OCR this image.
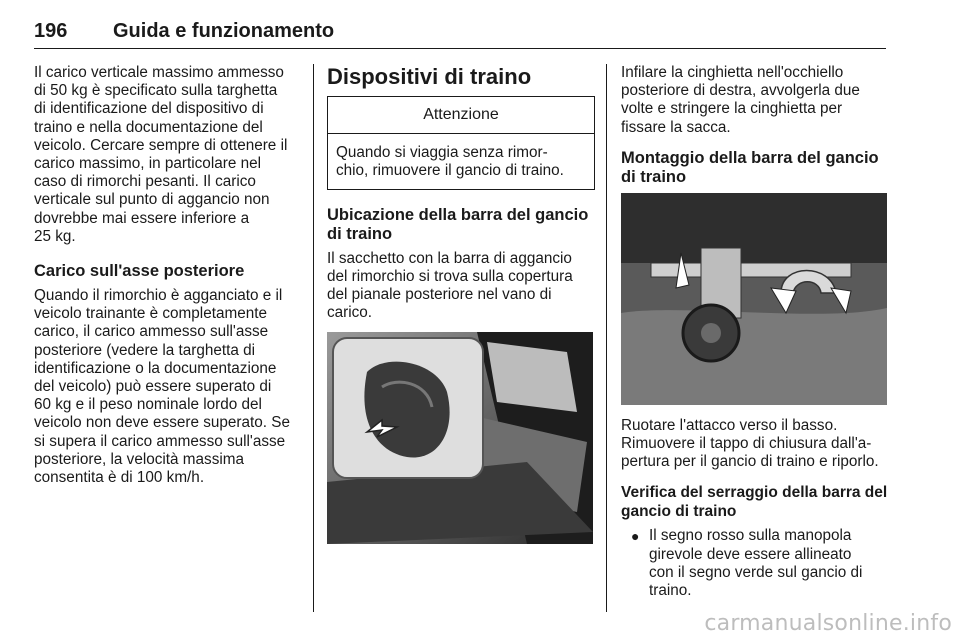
196 Guida e funzionamento

Il carico verticale massimo ammesso
di 50 kg è specificato sulla targhetta
di identificazione del dispositivo di
traino e nella documentazione del
veicolo. Cercare sempre di ottenere il
carico massimo, in particolare nel
caso di rimorchi pesanti. Il carico
verticale sul punto di aggancio non
dovrebbe mai essere inferiore a
25 kg.

Carico sull'asse posteriore

Quando il rimorchio è agganciato e il
veicolo trainante è completamente
carico, il carico ammesso sull'asse
posteriore (vedere la targhetta di
identificazione o la documentazione
del veicolo) può essere superato di
60 kg e il peso nominale lordo del
veicolo non deve essere superato. Se
si supera il carico ammesso sull'asse
posteriore, la velocità massima
consentita è di 100 km/h.

Dispositivi di traino
Attenzione
Quando si viaggia senza rimor-
chio, rimuovere il gancio di traino.

Ubicazione della barra del gancio
di traino

Il sacchetto con la barra di aggancio
del rimorchio si trova sulla copertura
del pianale posteriore nel vano di
carico.

Infilare la cinghietta nell'occhiello
posteriore di destra, avvolgerla due
volte e stringere la cinghietta per
fissare la sacca.

Montaggio della barra del gancio
di traino

Ruotare l'attacco verso il basso.
Rimuovere il tappo di chiusura dall'a-
pertura per il gancio di traino e riporlo.

Verifica del serraggio della barra del
gancio di traino

● Il segno rosso sulla manopola
girevole deve essere allineato
con il segno verde sul gancio di
traino.
carmanualsonline.info
